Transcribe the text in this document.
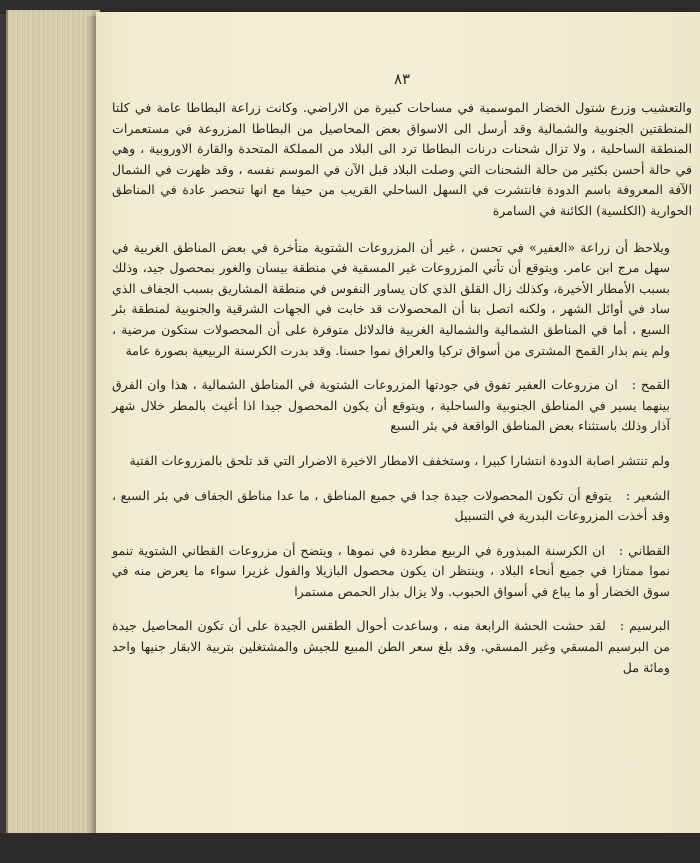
٨٣

والتعشيب وزرع شتول الخضار الموسمية في مساحات كبيرة من الاراضي. وكانت زراعة البطاطا عامة في كلتا المنطقتين الجنوبية والشمالية وقد أرسل الى الاسواق بعض المحاصيل من البطاطا المزروعة في مستعمرات المنطقة الساحلية ، ولا تزال شحنات درنات البطاطا ترد الى البلاد من المملكة المتحدة والقارة الاوروبية ، وهي في حالة أحسن بكثير من حالة الشحنات التي وصلت البلاد قبل الآن في الموسم نفسه ، وقد ظهرت في الشمال الآفة المعروفة باسم الدودة فانتشرت في السهل الساحلي القريب من حيفا مع انها تنحصر عادة في المناطق الحوارية (الكلسية) الكائنة في السامرة

ويلاحظ أن زراعة «العفير» في تحسن ، غير أن المزروعات الشتوية متأخرة في بعض المناطق الغربية في سهل مرج ابن عامر. ويتوقع أن تأتي المزروعات غير المسقية في منطقة بيسان والغور بمحصول جيد، وذلك بسبب الأمطار الأخيرة، وكذلك زال القلق الذي كان يساور النفوس في منطقة المشاريق بسبب الجفاف الذي ساد في أوائل الشهر ، ولكنه اتصل بنا أن المحصولات قد خابت في الجهات الشرقية والجنوبية لمنطقة بئر السبع ، أما في المناطق الشمالية والشمالية الغربية فالدلائل متوفرة على أن المحصولات ستكون مرضية ، ولم ينم بذار القمح المشترى من أسواق تركيا والعراق نموا حسنا. وقد بدرت الكرسنة الربيعية بصورة عامة

القمح :ان مزروعات العفير تفوق في جودتها المزروعات الشتوية في المناطق الشمالية ، هذا وان الفرق بينهما يسير في المناطق الجنوبية والساحلية ، ويتوقع أن يكون المحصول جيدا اذا أغيث بالمطر خلال شهر آذار وذلك باستثناء بعض المناطق الواقعة في بئر السبع

ولم تنتشر اصابة الدودة انتشارا كبيرا ، وستخفف الامطار الاخيرة الاضرار التي قد تلحق بالمزروعات الفتية

الشعير :يتوقع أن تكون المحصولات جيدة جدا في جميع المناطق ، ما عدا مناطق الجفاف في بئر السبع ، وقد أخذت المزروعات البدرية في التسبيل

القطاني :ان الكرسنة المبذورة في الربيع مطردة في نموها ، ويتضح أن مزروعات القطاني الشتوية تنمو نموا ممتازا في جميع أنحاء البلاد ، وينتظر ان يكون محصول البازيلا والفول غزيرا سواء ما يعرض منه في سوق الخضار أو ما يباع في أسواق الحبوب. ولا يزال بذار الحمص مستمرا

البرسيم :لقد حشت الحشة الرابعة منه ، وساعدت أحوال الطقس الجيدة على أن تكون المحاصيل جيدة من البرسيم المسقي وغير المسقي. وقد بلغ سعر الطن المبيع للجيش والمشتغلين بتربية الابقار جنيها واحد ومائة مل
